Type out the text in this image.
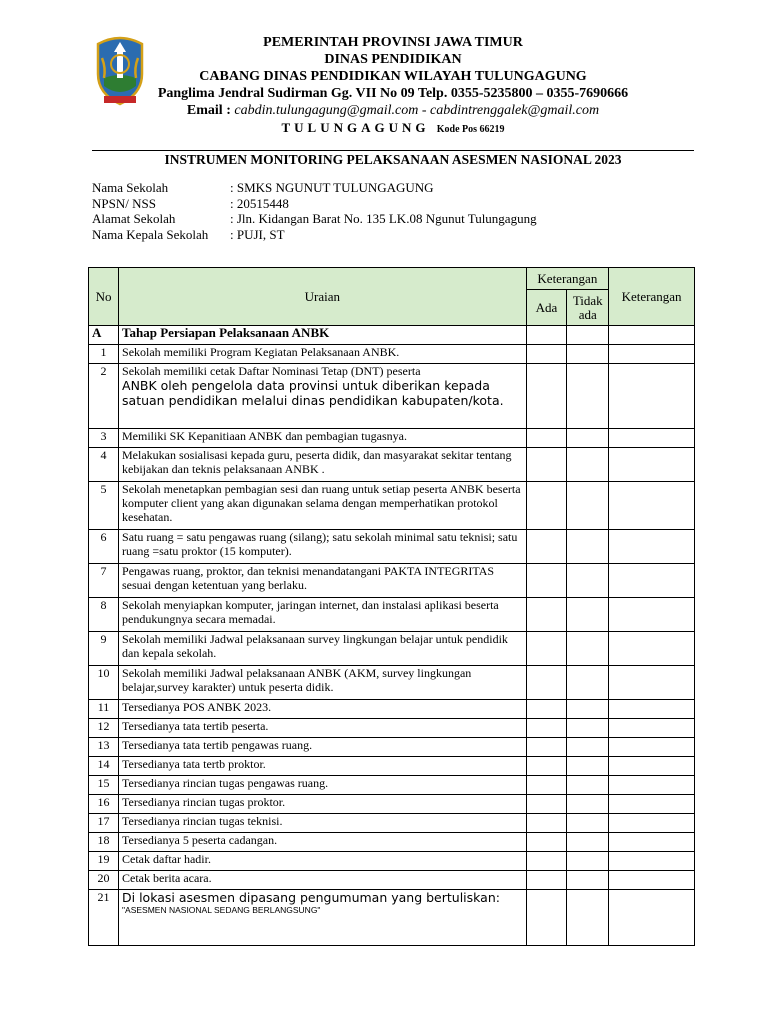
PEMERINTAH PROVINSI JAWA TIMUR
DINAS PENDIDIKAN
CABANG DINAS PENDIDIKAN WILAYAH TULUNGAGUNG
Panglima Jendral Sudirman Gg. VII No 09 Telp. 0355-5235800 – 0355-7690666
Email : cabdin.tulungagung@gmail.com - cabdintrenggalek@gmail.com
TULUNGAGUNG Kode Pos 66219
INSTRUMEN MONITORING PELAKSANAAN ASESMEN NASIONAL 2023
Nama Sekolah	: SMKS NGUNUT TULUNGAGUNG
NPSN/ NSS	: 20515448
Alamat Sekolah	: Jln. Kidangan Barat No. 135 LK.08 Ngunut Tulungagung
Nama Kepala Sekolah	: PUJI, ST
No	Uraian	Keterangan		Keterangan
		Ada	Tidak ada	
A	Tahap Persiapan Pelaksanaan ANBK			
1	Sekolah memiliki Program Kegiatan Pelaksanaan ANBK.			

2	Sekolah memiliki cetak Daftar Nominasi Tetap (DNT) peserta
ANBK oleh pengelola data provinsi untuk diberikan kepada satuan pendidikan melalui dinas pendidikan kabupaten/kota.			

3	Memiliki SK Kepanitiaan ANBK dan pembagian tugasnya.			

4	Melakukan sosialisasi kepada guru, peserta didik, dan masyarakat sekitar tentang kebijakan dan teknis pelaksanaan ANBK .			

5	Sekolah menetapkan pembagian sesi dan ruang untuk setiap peserta ANBK beserta komputer client yang akan digunakan selama dengan memperhatikan protokol kesehatan.			

6	Satu ruang = satu pengawas ruang (silang); satu sekolah minimal satu teknisi; satu ruang =satu proktor (15 komputer).			

7	Pengawas ruang, proktor, dan teknisi menandatangani PAKTA INTEGRITAS sesuai dengan ketentuan yang berlaku.			

8	Sekolah menyiapkan komputer, jaringan internet, dan instalasi aplikasi beserta pendukungnya secara memadai.			

9	Sekolah memiliki Jadwal pelaksanaan survey lingkungan belajar untuk pendidik dan kepala sekolah.			

10	Sekolah memiliki Jadwal pelaksanaan ANBK (AKM, survey lingkungan belajar,survey karakter) untuk peserta didik.			

11	Tersedianya POS ANBK 2023.			

12	Tersedianya tata tertib peserta.			

13	Tersedianya tata tertib pengawas ruang.			

14	Tersedianya tata tertb proktor.			

15	Tersedianya rincian tugas pengawas ruang.			

16	Tersedianya rincian tugas proktor.			

17	Tersedianya rincian tugas teknisi.			

18	Tersedianya 5 peserta cadangan.			

19	Cetak daftar hadir.			

20	Cetak berita acara.			

21	Di lokasi asesmen dipasang pengumuman yang bertuliskan:
"ASESMEN NASIONAL SEDANG BERLANGSUNG"			
